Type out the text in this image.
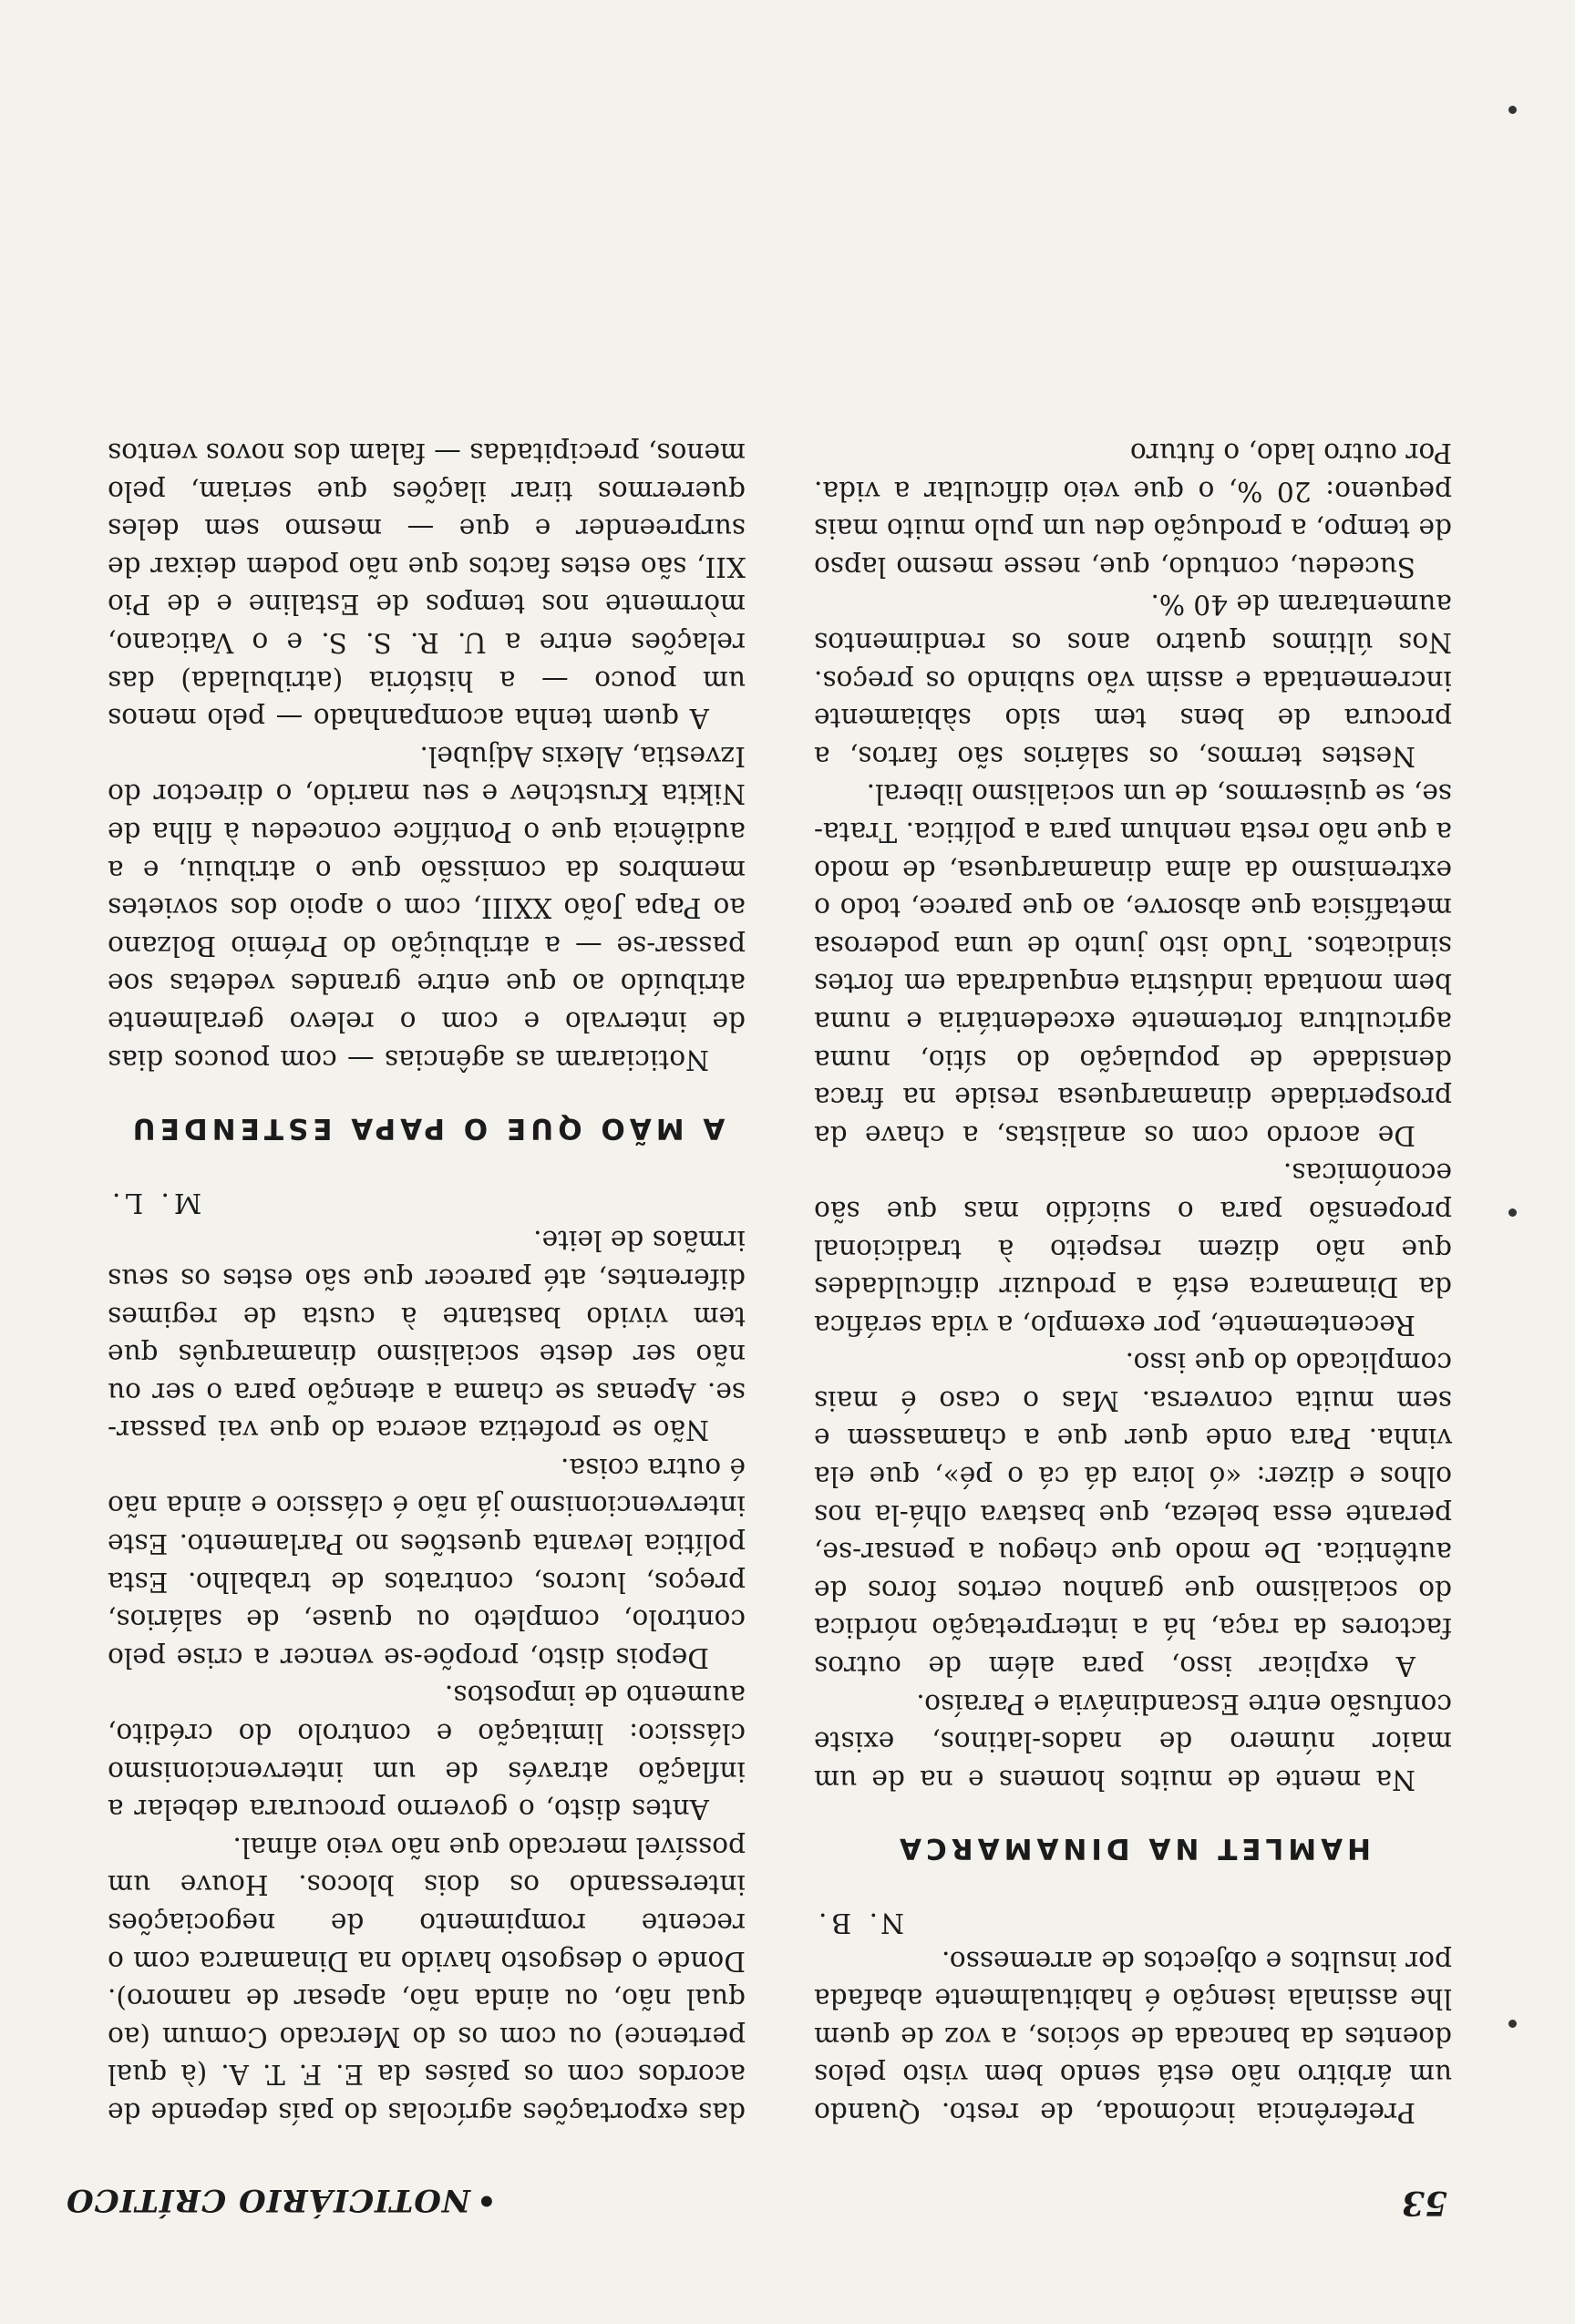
53
•NOTICIÁRIO CRÍTICO

Preferência incómoda, de resto. Quando um árbitro não está sendo bem visto pelos doentes da bancada de sócios, a voz de quem lhe assinala isenção é habitualmente abafada por insultos e objectos de arremesso.

N. B.

HAMLET NA DINAMARCA

Na mente de muitos homens e na de um maior número de nados-latinos, existe confusão entre Escandinávia e Paraíso.

A explicar isso, para além de outros factores da raça, há a interpretação nórdica do socialismo que ganhou certos foros de autêntica. De modo que chegou a pensar-se, perante essa beleza, que bastava olhá-la nos olhos e dizer: «ó loira dá cá o pé», que ela vinha. Para onde quer que a chamassem e sem muita conversa. Mas o caso é mais complicado do que isso.

Recentemente, por exemplo, a vida seráfica da Dinamarca está a produzir dificuldades que não dizem respeito à tradicional propensão para o suicídio mas que são económicas.

De acordo com os analistas, a chave da prosperidade dinamarquesa reside na fraca densidade de população do sítio, numa agricultura fortemente excedentária e numa bem montada indústria enquadrada em fortes sindicatos. Tudo isto junto de uma poderosa metafísica que absorve, ao que parece, todo o extremismo da alma dinamarquesa, de modo a que não resta nenhum para a política. Trata-se, se quisermos, de um socialismo liberal.

Nestes termos, os salários são fartos, a procura de bens tem sido sàbiamente incrementada e assim vão subindo os preços. Nos últimos quatro anos os rendimentos aumentaram de 40 %.

Sucedeu, contudo, que, nesse mesmo lapso de tempo, a produção deu um pulo muito mais pequeno: 20 %, o que veio dificultar a vida. Por outro lado, o futuro

das exportações agrícolas do país depende de acordos com os países da E. F. T. A. (à qual pertence) ou com os do Mercado Comum (ao qual não, ou ainda não, apesar de namoro). Donde o desgosto havido na Dinamarca com o recente rompimento de negociações interessando os dois blocos. Houve um possível mercado que não veio afinal.

Antes disto, o governo procurara debelar a inflação através de um intervencionismo clássico: limitação e controlo do crédito, aumento de impostos.

Depois disto, propõe-se vencer a crise pelo controlo, completo ou quase, de salários, preços, lucros, contratos de trabalho. Esta política levanta questões no Parlamento. Este intervencionismo já não é clássico e ainda não é outra coisa.

Não se profetiza acerca do que vai passar-se. Apenas se chama a atenção para o ser ou não ser deste socialismo dinamarquês que tem vivido bastante à custa de regimes diferentes, até parecer que são estes os seus irmãos de leite.

M. L.

A MÃO QUE O PAPA ESTENDEU

Noticiaram as agências — com poucos dias de intervalo e com o relevo geralmente atribuído ao que entre grandes vedetas soe passar-se — a atribuição do Prémio Bolzano ao Papa João XXIII, com o apoio dos sovietes membros da comissão que o atribuiu, e a audiência que o Pontífice concedeu à filha de Nikita Krustchev e seu marido, o director do Izvestia, Alexis Adjubel.

A quem tenha acompanhado — pelo menos um pouco — a história (atribulada) das relações entre a U. R. S. S. e o Vaticano, mòrmente nos tempos de Estaline e de Pio XII, são estes factos que não podem deixar de surpreender e que — mesmo sem deles querermos tirar ilações que seriam, pelo menos, precipitadas — falam dos novos ventos
